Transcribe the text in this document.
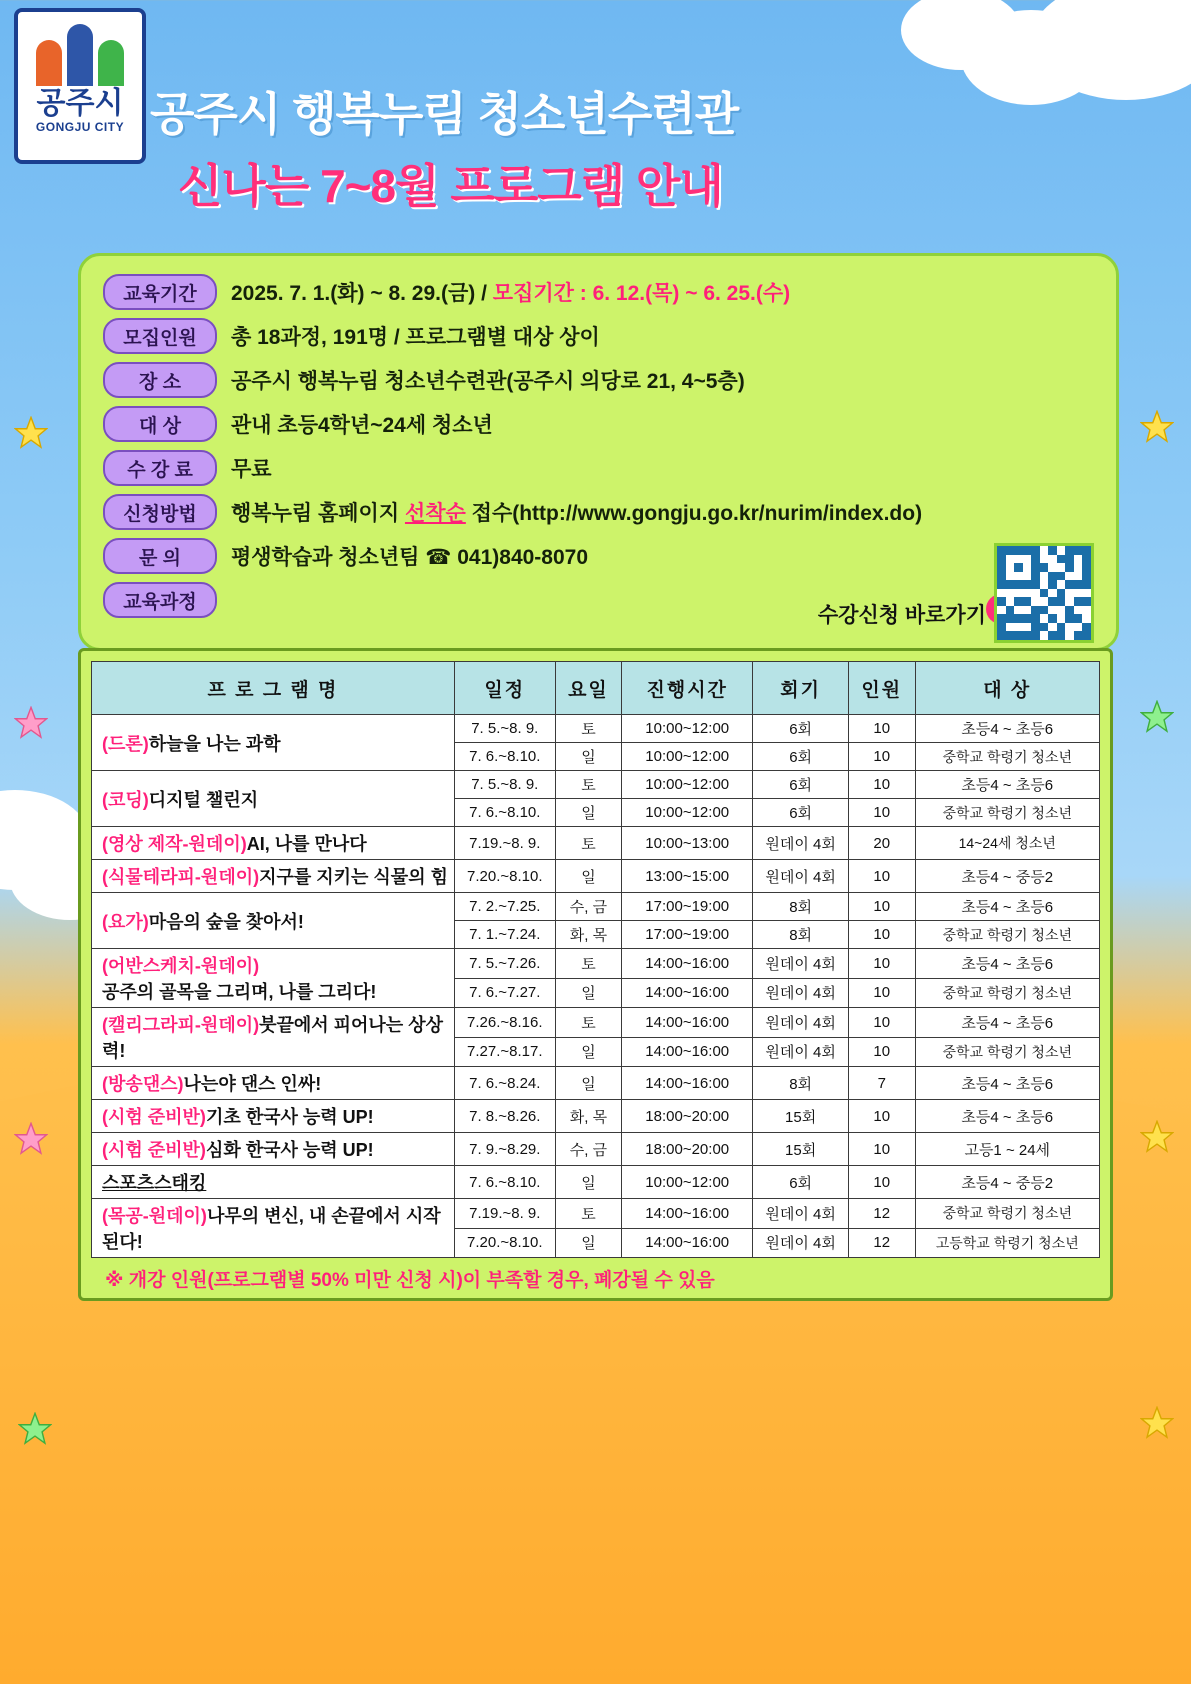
공주시
GONGJU CITY 공주시 행복누림 청소년수련관
신나는 7~8월 프로그램 안내
교육기간	2025. 7. 1.(화) ~ 8. 29.(금) / 모집기간 : 6. 12.(목) ~ 6. 25.(수)
모집인원	총 18과정, 191명 / 프로그램별 대상 상이
장 소	공주시 행복누림 청소년수련관(공주시 의당로 21, 4~5층)
대 상	관내 초등4학년~24세 청소년
수 강 료	무료
신청방법	행복누림 홈페이지 선착순 접수(http://www.gongju.go.kr/nurim/index.do)
문 의	평생학습과 청소년팀 ☎ 041)840-8070
교육과정
수강신청 바로가기
프 로 그 램 명	일정	요일	진행시간	회기	인원	대 상
(드론)하늘을 나는 과학	7. 5.~8. 9.	토	10:00~12:00	6회	10	초등4 ~ 초등6
	7. 6.~8.10.	일	10:00~12:00	6회	10	중학교 학령기 청소년
(코딩)디지털 챌린지	7. 5.~8. 9.	토	10:00~12:00	6회	10	초등4 ~ 초등6
	7. 6.~8.10.	일	10:00~12:00	6회	10	중학교 학령기 청소년
(영상 제작-원데이)AI, 나를 만나다	7.19.~8. 9.	토	10:00~13:00	원데이 4회	20	14~24세 청소년
(식물테라피-원데이)지구를 지키는 식물의 힘	7.20.~8.10.	일	13:00~15:00	원데이 4회	10	초등4 ~ 중등2
(요가)마음의 숲을 찾아서!	7. 2.~7.25.	수, 금	17:00~19:00	8회	10	초등4 ~ 초등6
	7. 1.~7.24.	화, 목	17:00~19:00	8회	10	중학교 학령기 청소년
(어반스케치-원데이)
공주의 골목을 그리며, 나를 그리다!	7. 5.~7.26.	토	14:00~16:00	원데이 4회	10	초등4 ~ 초등6
	7. 6.~7.27.	일	14:00~16:00	원데이 4회	10	중학교 학령기 청소년
(캘리그라피-원데이)붓끝에서 피어나는 상상력!	7.26.~8.16.	토	14:00~16:00	원데이 4회	10	초등4 ~ 초등6
	7.27.~8.17.	일	14:00~16:00	원데이 4회	10	중학교 학령기 청소년
(방송댄스)나는야 댄스 인싸!	7. 6.~8.24.	일	14:00~16:00	8회	7	초등4 ~ 초등6
(시험 준비반)기초 한국사 능력 UP!	7. 8.~8.26.	화, 목	18:00~20:00	15회	10	초등4 ~ 초등6
(시험 준비반)심화 한국사 능력 UP!	7. 9.~8.29.	수, 금	18:00~20:00	15회	10	고등1 ~ 24세
스포츠스태킹	7. 6.~8.10.	일	10:00~12:00	6회	10	초등4 ~ 중등2
(목공-원데이)나무의 변신, 내 손끝에서 시작된다!	7.19.~8. 9.	토	14:00~16:00	원데이 4회	12	중학교 학령기 청소년
	7.20.~8.10.	일	14:00~16:00	원데이 4회	12	고등학교 학령기 청소년
※ 개강 인원(프로그램별 50% 미만 신청 시)이 부족할 경우, 폐강될 수 있음
